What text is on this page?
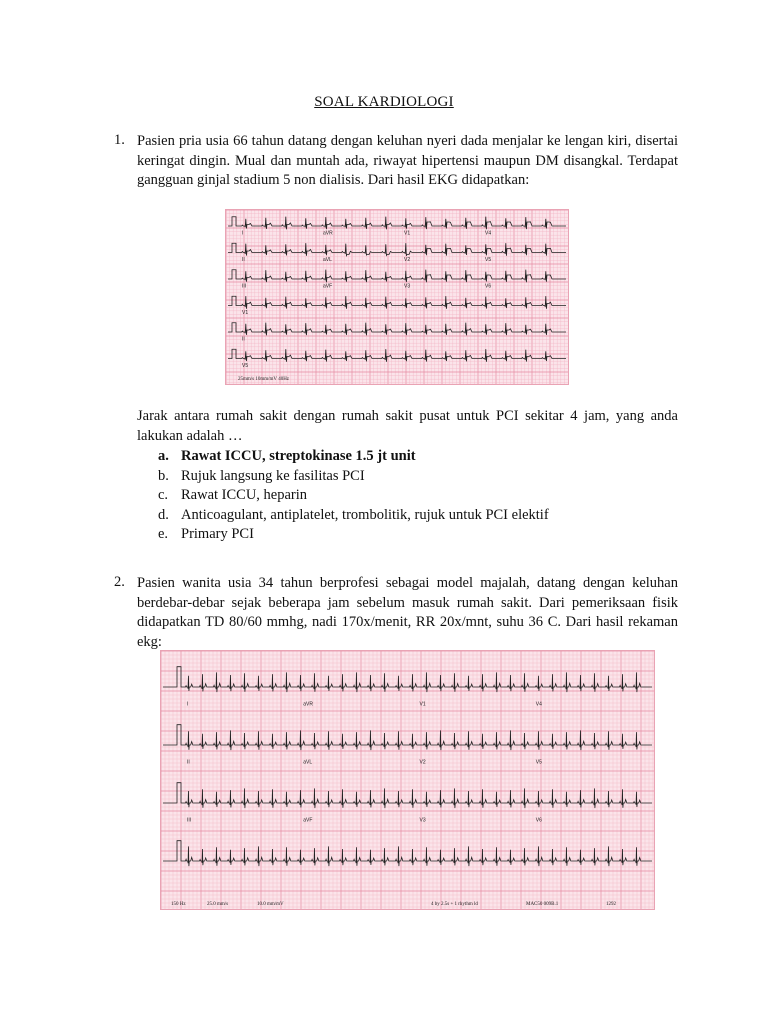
SOAL KARDIOLOGI
1. Pasien pria usia 66 tahun datang dengan keluhan nyeri dada menjalar ke lengan kiri, disertai keringat dingin. Mual dan muntah ada, riwayat hipertensi maupun DM disangkal. Terdapat gangguan ginjal stadium 5 non dialisis. Dari hasil EKG didapatkan:
I	aVR	V1	V4
II	aVL	V2	V5
III	aVF	V3	V6
V1
II
V5
25mm/s 10mm/mV 40Hz
Jarak antara rumah sakit dengan rumah sakit pusat untuk PCI sekitar 4 jam, yang anda lakukan adalah …
a. Rawat ICCU, streptokinase 1.5 jt unit
b. Rujuk langsung ke fasilitas PCI
c. Rawat ICCU, heparin
d. Anticoagulant, antiplatelet, trombolitik, rujuk untuk PCI elektif
e. Primary PCI
2. Pasien wanita usia 34 tahun berprofesi sebagai model majalah, datang dengan keluhan berdebar-debar sejak beberapa jam sebelum masuk rumah sakit. Dari pemeriksaan fisik didapatkan TD 80/60 mmhg, nadi 170x/menit, RR 20x/mnt, suhu 36 C. Dari hasil rekaman ekg:
I	aVR	V1	V4
II	aVL	V2	V5
III	aVF	V3	V6
150 Hz	25.0 mm/s	10.0 mm/mV	4 by 2.5s + 1 rhythm ld	MAC50 009B.1	1292
